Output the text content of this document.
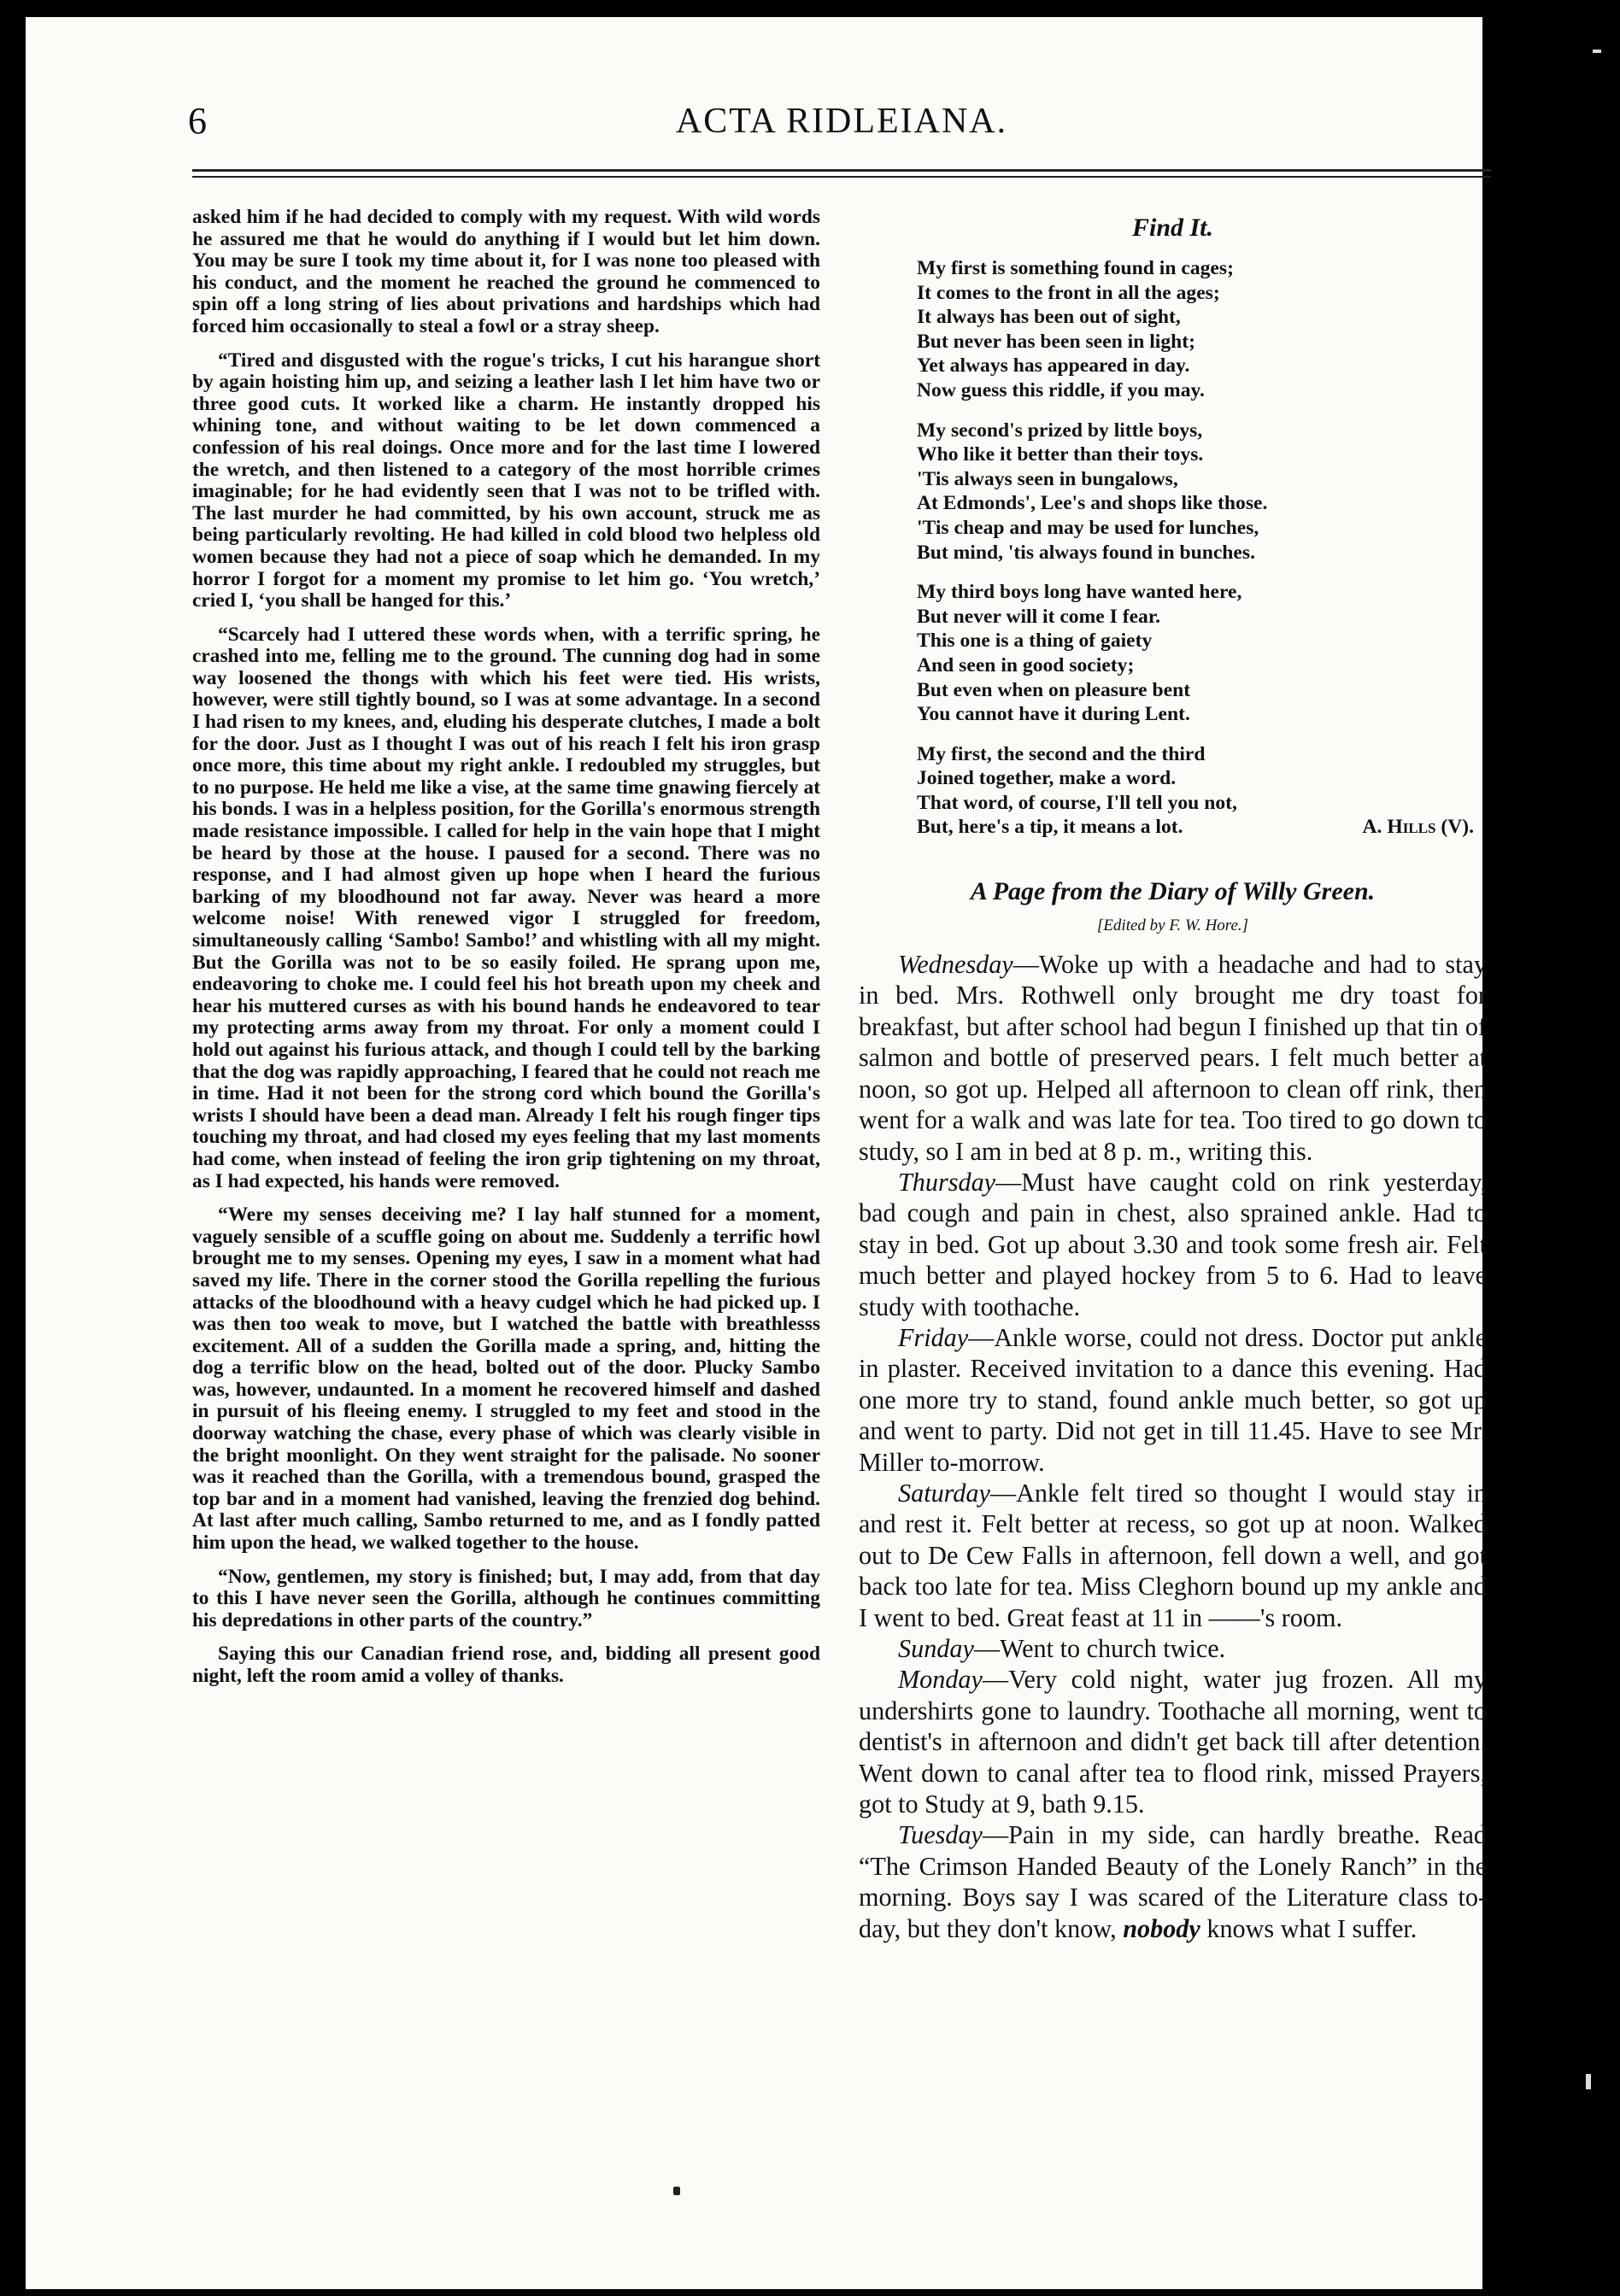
6	ACTA RIDLEIANA.

asked him if he had decided to comply with my request. With wild words he assured me that he would do anything if I would but let him down. You may be sure I took my time about it, for I was none too pleased with his conduct, and the moment he reached the ground he commenced to spin off a long string of lies about privations and hardships which had forced him occasionally to steal a fowl or a stray sheep.

“Tired and disgusted with the rogue's tricks, I cut his harangue short by again hoisting him up, and seizing a leather lash I let him have two or three good cuts. It worked like a charm. He instantly dropped his whining tone, and without waiting to be let down commenced a confession of his real doings. Once more and for the last time I lowered the wretch, and then listened to a category of the most horrible crimes imaginable; for he had evidently seen that I was not to be trifled with. The last murder he had committed, by his own account, struck me as being particularly revolting. He had killed in cold blood two helpless old women because they had not a piece of soap which he demanded. In my horror I forgot for a moment my promise to let him go. ‘You wretch,’ cried I, ‘you shall be hanged for this.’

“Scarcely had I uttered these words when, with a terrific spring, he crashed into me, felling me to the ground. The cunning dog had in some way loosened the thongs with which his feet were tied. His wrists, however, were still tightly bound, so I was at some advantage. In a second I had risen to my knees, and, eluding his desperate clutches, I made a bolt for the door. Just as I thought I was out of his reach I felt his iron grasp once more, this time about my right ankle. I redoubled my struggles, but to no purpose. He held me like a vise, at the same time gnawing fiercely at his bonds. I was in a helpless position, for the Gorilla's enormous strength made resistance impossible. I called for help in the vain hope that I might be heard by those at the house. I paused for a second. There was no response, and I had almost given up hope when I heard the furious barking of my bloodhound not far away. Never was heard a more welcome noise! With renewed vigor I struggled for freedom, simultaneously calling ‘Sambo! Sambo!’ and whistling with all my might. But the Gorilla was not to be so easily foiled. He sprang upon me, endeavoring to choke me. I could feel his hot breath upon my cheek and hear his muttered curses as with his bound hands he endeavored to tear my protecting arms away from my throat. For only a moment could I hold out against his furious attack, and though I could tell by the barking that the dog was rapidly approaching, I feared that he could not reach me in time. Had it not been for the strong cord which bound the Gorilla's wrists I should have been a dead man. Already I felt his rough finger tips touching my throat, and had closed my eyes feeling that my last moments had come, when instead of feeling the iron grip tightening on my throat, as I had expected, his hands were removed.

“Were my senses deceiving me? I lay half stunned for a moment, vaguely sensible of a scuffle going on about me. Suddenly a terrific howl brought me to my senses. Opening my eyes, I saw in a moment what had saved my life. There in the corner stood the Gorilla repelling the furious attacks of the bloodhound with a heavy cudgel which he had picked up. I was then too weak to move, but I watched the battle with breathlesss excitement. All of a sudden the Gorilla made a spring, and, hitting the dog a terrific blow on the head, bolted out of the door. Plucky Sambo was, however, undaunted. In a moment he recovered himself and dashed in pursuit of his fleeing enemy. I struggled to my feet and stood in the doorway watching the chase, every phase of which was clearly visible in the bright moonlight. On they went straight for the palisade. No sooner was it reached than the Gorilla, with a tremendous bound, grasped the top bar and in a moment had vanished, leaving the frenzied dog behind. At last after much calling, Sambo returned to me, and as I fondly patted him upon the head, we walked together to the house.

“Now, gentlemen, my story is finished; but, I may add, from that day to this I have never seen the Gorilla, although he continues committing his depredations in other parts of the country.”

Saying this our Canadian friend rose, and, bidding all present good night, left the room amid a volley of thanks.

Find It.
My first is something found in cages;
It comes to the front in all the ages;
It always has been out of sight,
But never has been seen in light;
Yet always has appeared in day.
Now guess this riddle, if you may.
My second's prized by little boys,
Who like it better than their toys.
'Tis always seen in bungalows,
At Edmonds', Lee's and shops like those.
'Tis cheap and may be used for lunches,
But mind, 'tis always found in bunches.
My third boys long have wanted here,
But never will it come I fear.
This one is a thing of gaiety
And seen in good society;
But even when on pleasure bent
You cannot have it during Lent.
My first, the second and the third
Joined together, make a word.
That word, of course, I'll tell you not,
But, here's a tip, it means a lot.	A. Hills (V).
A Page from the Diary of Willy Green.
[Edited by F. W. Hore.]

Wednesday—Woke up with a headache and had to stay in bed. Mrs. Rothwell only brought me dry toast for breakfast, but after school had begun I finished up that tin of salmon and bottle of preserved pears. I felt much better at noon, so got up. Helped all afternoon to clean off rink, then went for a walk and was late for tea. Too tired to go down to study, so I am in bed at 8 p. m., writing this.

Thursday—Must have caught cold on rink yesterday, bad cough and pain in chest, also sprained ankle. Had to stay in bed. Got up about 3.30 and took some fresh air. Felt much better and played hockey from 5 to 6. Had to leave study with toothache.

Friday—Ankle worse, could not dress. Doctor put ankle in plaster. Received invitation to a dance this evening. Had one more try to stand, found ankle much better, so got up and went to party. Did not get in till 11.45. Have to see Mr. Miller to-morrow.

Saturday—Ankle felt tired so thought I would stay in and rest it. Felt better at recess, so got up at noon. Walked out to De Cew Falls in afternoon, fell down a well, and got back too late for tea. Miss Cleghorn bound up my ankle and I went to bed. Great feast at 11 in ——'s room.

Sunday—Went to church twice.

Monday—Very cold night, water jug frozen. All my undershirts gone to laundry. Toothache all morning, went to dentist's in afternoon and didn't get back till after detention. Went down to canal after tea to flood rink, missed Prayers, got to Study at 9, bath 9.15.

Tuesday—Pain in my side, can hardly breathe. Read “The Crimson Handed Beauty of the Lonely Ranch” in the morning. Boys say I was scared of the Literature class to-day, but they don't know, nobody knows what I suffer.
